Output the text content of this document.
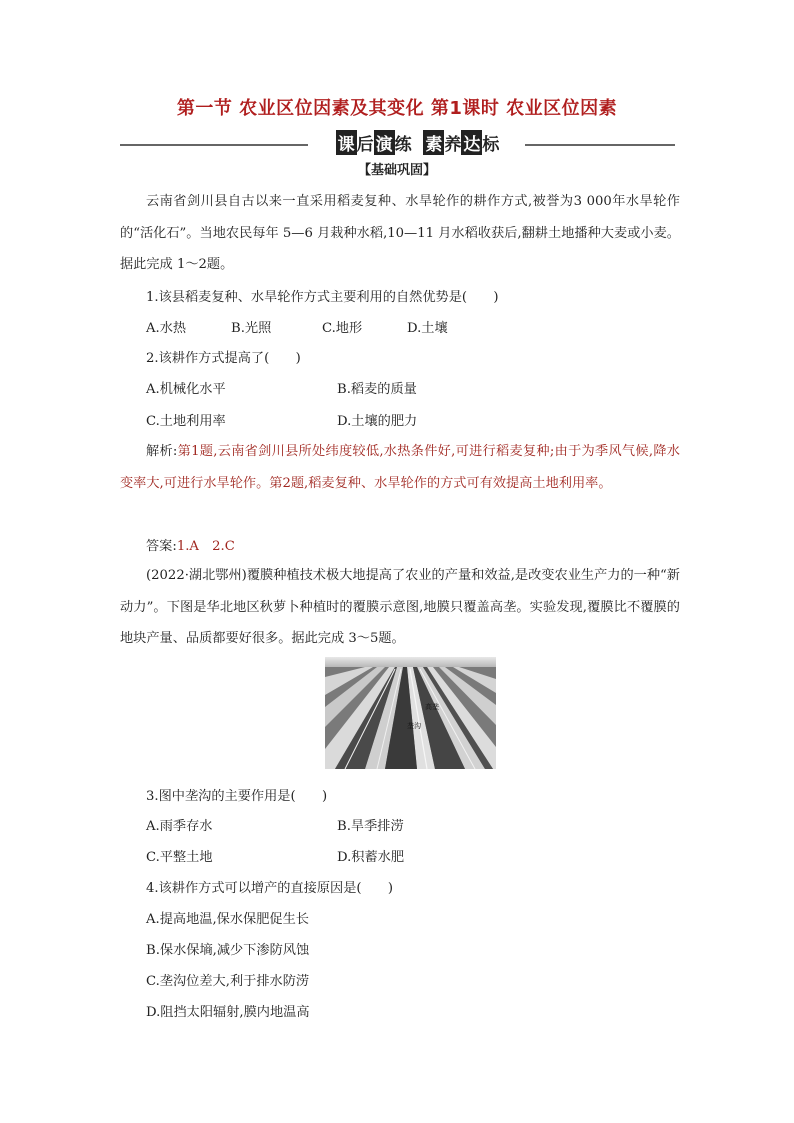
第一节 农业区位因素及其变化 第1课时 农业区位因素
课 后 演 练 素 养 达 标
【基础巩固】
云南省剑川县自古以来一直采用稻麦复种、水旱轮作的耕作方式,被誉为3 000年水旱轮作的“活化石”。当地农民每年 5—6 月栽种水稻,10—11 月水稻收获后,翻耕土地播种大麦或小麦。据此完成 1～2题。
1.该县稻麦复种、水旱轮作方式主要利用的自然优势是(　　)
A.水热	B.光照	C.地形	D.土壤
2.该耕作方式提高了(　　)
A.机械化水平	B.稻麦的质量
C.土地利用率	D.土壤的肥力
解析:第1题,云南省剑川县所处纬度较低,水热条件好,可进行稻麦复种;由于为季风气候,降水变率大,可进行水旱轮作。第2题,稻麦复种、水旱轮作的方式可有效提高土地利用率。
答案:1.A　2.C
(2022·湖北鄂州)覆膜种植技术极大地提高了农业的产量和效益,是改变农业生产力的一种“新动力”。下图是华北地区秋萝卜种植时的覆膜示意图,地膜只覆盖高垄。实验发现,覆膜比不覆膜的地块产量、品质都要好很多。据此完成 3～5题。
高垄
垄沟
3.图中垄沟的主要作用是(　　)
A.雨季存水	B.旱季排涝
C.平整土地	D.积蓄水肥
4.该耕作方式可以增产的直接原因是(　　)
A.提高地温,保水保肥促生长
B.保水保墒,减少下渗防风蚀
C.垄沟位差大,利于排水防涝
D.阻挡太阳辐射,膜内地温高
